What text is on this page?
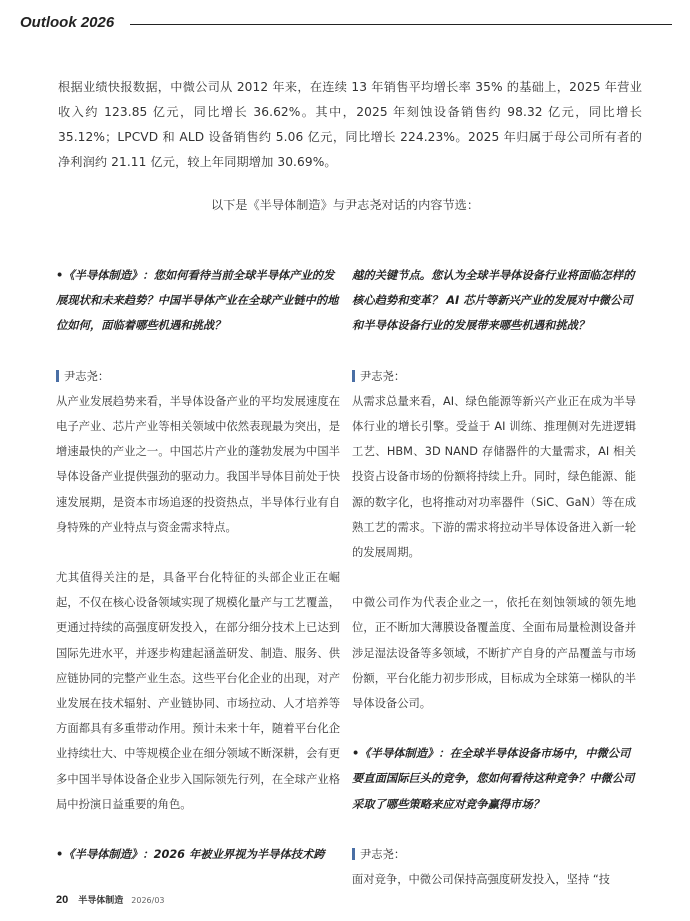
Outlook 2026

根据业绩快报数据，中微公司从 2012 年来，在连续 13 年销售平均增长率 35% 的基础上，2025 年营业收入约 123.85 亿元，同比增长 36.62%。其中，2025 年刻蚀设备销售约 98.32 亿元，同比增长 35.12%；LPCVD 和 ALD 设备销售约 5.06 亿元，同比增长 224.23%。2025 年归属于母公司所有者的净利润约 21.11 亿元，较上年同期增加 30.69%。

以下是《半导体制造》与尹志尧对话的内容节选：

•《半导体制造》：您如何看待当前全球半导体产业的发展现状和未来趋势？中国半导体产业在全球产业链中的地位如何，面临着哪些机遇和挑战？

尹志尧：

从产业发展趋势来看，半导体设备产业的平均发展速度在电子产业、芯片产业等相关领域中依然表现最为突出，是增速最快的产业之一。中国芯片产业的蓬勃发展为中国半导体设备产业提供强劲的驱动力。我国半导体目前处于快速发展期，是资本市场追逐的投资热点，半导体行业有自身特殊的产业特点与资金需求特点。

尤其值得关注的是，具备平台化特征的头部企业正在崛起，不仅在核心设备领域实现了规模化量产与工艺覆盖，更通过持续的高强度研发投入，在部分细分技术上已达到国际先进水平，并逐步构建起涵盖研发、制造、服务、供应链协同的完整产业生态。这些平台化企业的出现，对产业发展在技术辐射、产业链协同、市场拉动、人才培养等方面都具有多重带动作用。预计未来十年，随着平台化企业持续壮大、中等规模企业在细分领域不断深耕，会有更多中国半导体设备企业步入国际领先行列，在全球产业格局中扮演日益重要的角色。

•《半导体制造》：2026 年被业界视为半导体技术跨

越的关键节点。您认为全球半导体设备行业将面临怎样的核心趋势和变革？ AI 芯片等新兴产业的发展对中微公司和半导体设备行业的发展带来哪些机遇和挑战？

尹志尧：

从需求总量来看，AI、绿色能源等新兴产业正在成为半导体行业的增长引擎。受益于 AI 训练、推理侧对先进逻辑工艺、HBM、3D NAND 存储器件的大量需求，AI 相关投资占设备市场的份额将持续上升。同时，绿色能源、能源的数字化，也将推动对功率器件（SiC、GaN）等在成熟工艺的需求。下游的需求将拉动半导体设备进入新一轮的发展周期。

中微公司作为代表企业之一，依托在刻蚀领域的领先地位，正不断加大薄膜设备覆盖度、全面布局量检测设备并涉足湿法设备等多领域，不断扩产自身的产品覆盖与市场份额，平台化能力初步形成，目标成为全球第一梯队的半导体设备公司。

•《半导体制造》：在全球半导体设备市场中，中微公司要直面国际巨头的竞争，您如何看待这种竞争？中微公司采取了哪些策略来应对竞争赢得市场？

尹志尧：

面对竞争，中微公司保持高强度研发投入，坚持 “技

20 半导体制造 2026/03
